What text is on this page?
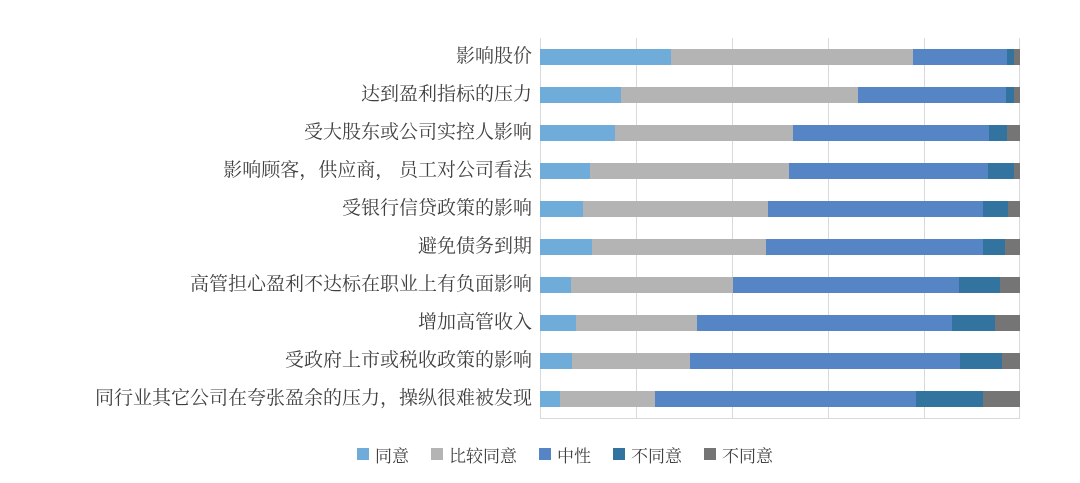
影响股价
达到盈利指标的压力
受大股东或公司实控人影响
影响顾客，供应商， 员工对公司看法
受银行信贷政策的影响
避免债务到期
高管担心盈利不达标在职业上有负面影响
增加高管收入
受政府上市或税收政策的影响
同行业其它公司在夸张盈余的压力，操纵很难被发现
同意 比较同意 中性 不同意 不同意
